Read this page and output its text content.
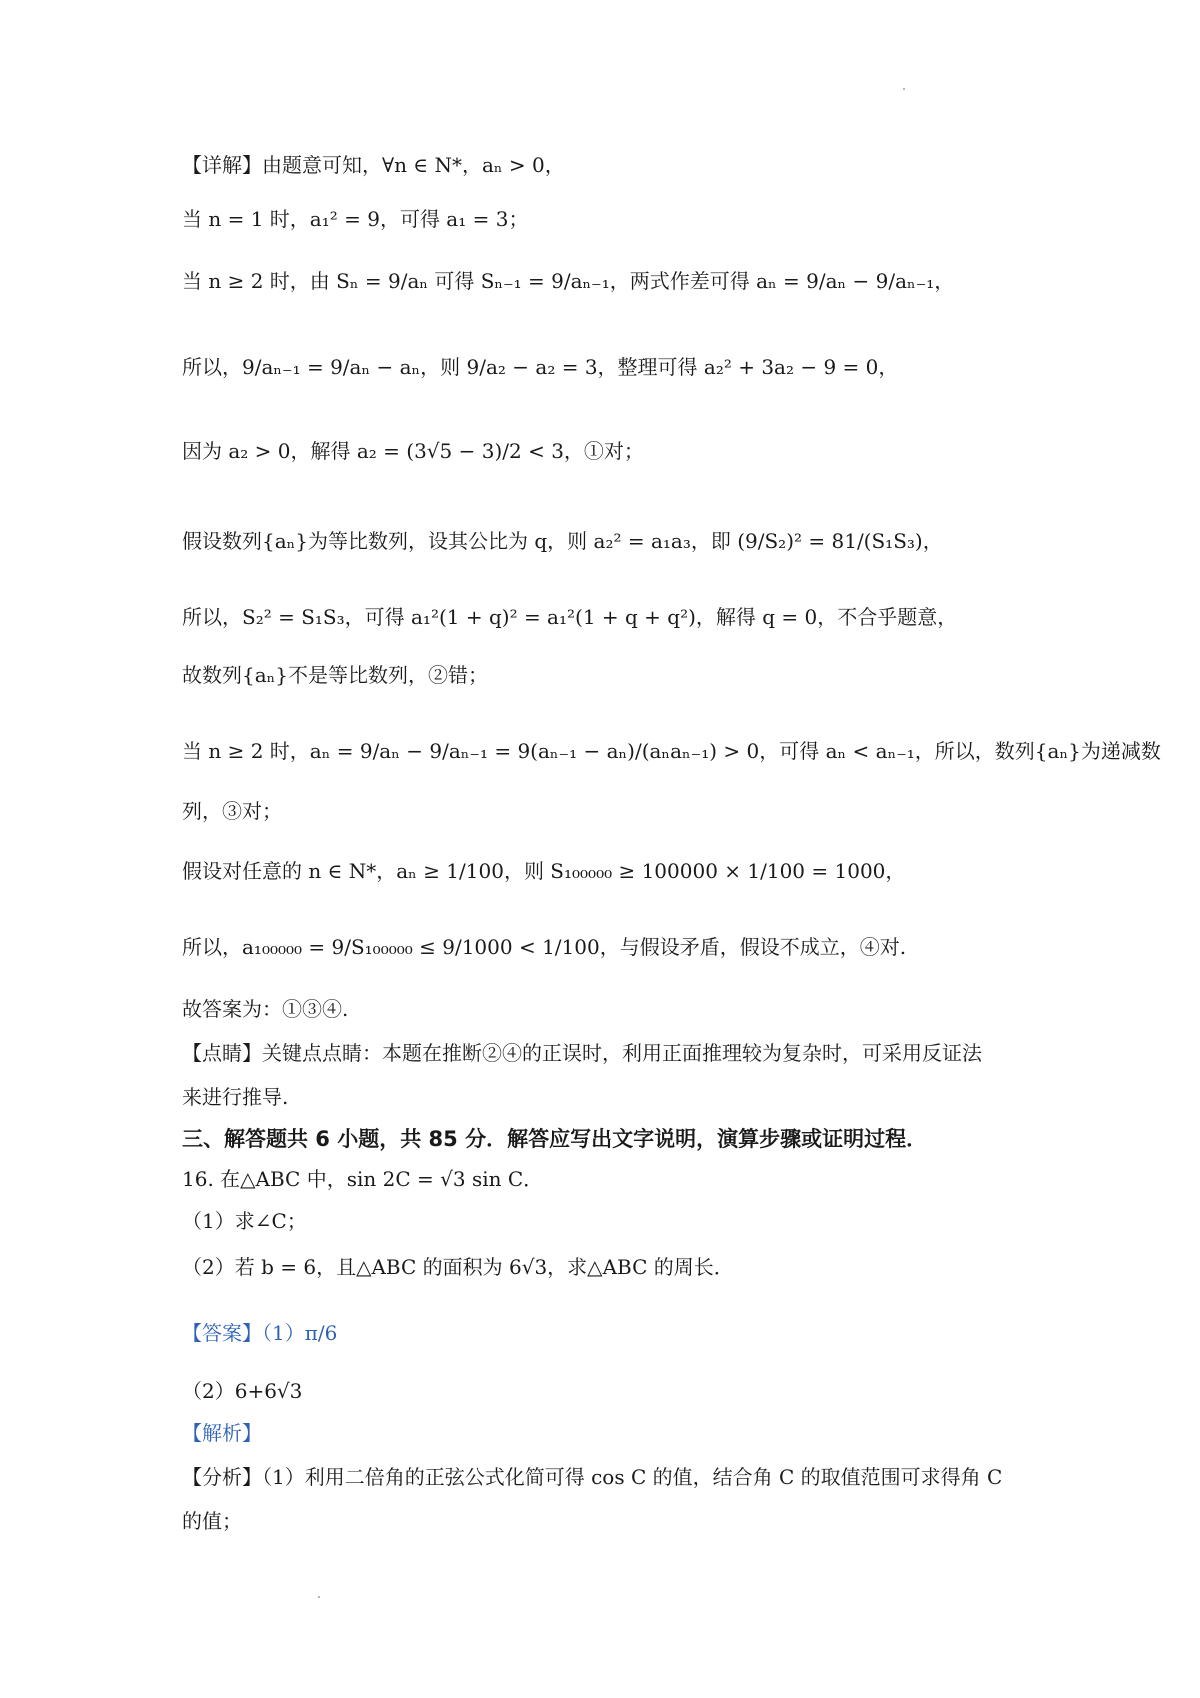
【详解】由题意可知，∀n ∈ N*，aₙ > 0，
当 n = 1 时，a₁² = 9，可得 a₁ = 3；
当 n ≥ 2 时，由 Sₙ = 9/aₙ 可得 Sₙ₋₁ = 9/aₙ₋₁，两式作差可得 aₙ = 9/aₙ − 9/aₙ₋₁，
所以，9/aₙ₋₁ = 9/aₙ − aₙ，则 9/a₂ − a₂ = 3，整理可得 a₂² + 3a₂ − 9 = 0，
因为 a₂ > 0，解得 a₂ = (3√5 − 3)/2 < 3，①对；
假设数列{aₙ}为等比数列，设其公比为 q，则 a₂² = a₁a₃，即 (9/S₂)² = 81/(S₁S₃)，
所以，S₂² = S₁S₃，可得 a₁²(1 + q)² = a₁²(1 + q + q²)，解得 q = 0，不合乎题意，
故数列{aₙ}不是等比数列，②错；
当 n ≥ 2 时，aₙ = 9/aₙ − 9/aₙ₋₁ = 9(aₙ₋₁ − aₙ)/(aₙaₙ₋₁) > 0，可得 aₙ < aₙ₋₁，所以，数列{aₙ}为递减数
列，③对；
假设对任意的 n ∈ N*，aₙ ≥ 1/100，则 S₁₀₀₀₀₀ ≥ 100000 × 1/100 = 1000，
所以，a₁₀₀₀₀₀ = 9/S₁₀₀₀₀₀ ≤ 9/1000 < 1/100，与假设矛盾，假设不成立，④对.
故答案为：①③④.
【点睛】关键点点睛：本题在推断②④的正误时，利用正面推理较为复杂时，可采用反证法
来进行推导.
三、解答题共 6 小题，共 85 分．解答应写出文字说明，演算步骤或证明过程．
16. 在△ABC 中，sin 2C = √3 sin C．
（1）求∠C；
（2）若 b = 6，且△ABC 的面积为 6√3，求△ABC 的周长．
【答案】（1）π/6
（2）6+6√3
【解析】
【分析】（1）利用二倍角的正弦公式化简可得 cos C 的值，结合角 C 的取值范围可求得角 C
的值；
